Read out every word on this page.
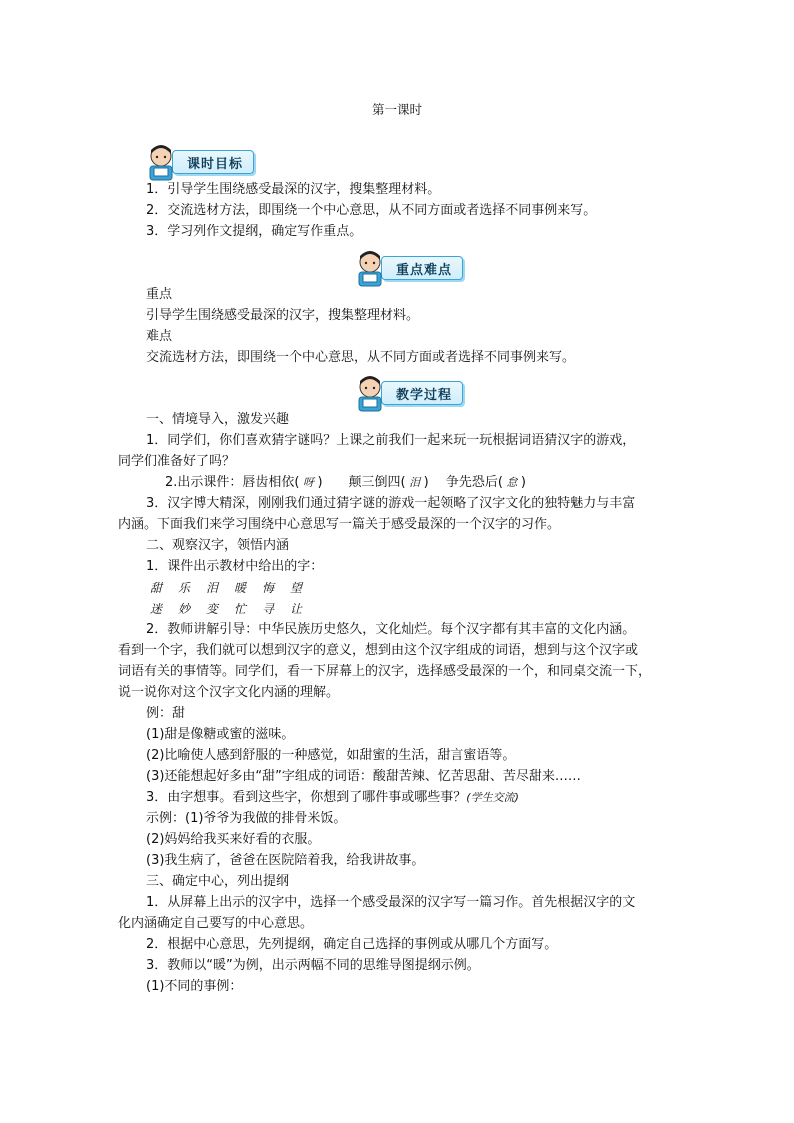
第一课时
课时目标
1．引导学生围绕感受最深的汉字，搜集整理材料。
2．交流选材方法，即围绕一个中心意思，从不同方面或者选择不同事例来写。
3．学习列作文提纲，确定写作重点。
重点难点
重点
引导学生围绕感受最深的汉字，搜集整理材料。
难点
交流选材方法，即围绕一个中心意思，从不同方面或者选择不同事例来写。
教学过程
一、情境导入，激发兴趣
1．同学们，你们喜欢猜字谜吗？上课之前我们一起来玩一玩根据词语猜汉字的游戏，
同学们准备好了吗？
2.出示课件：唇齿相依( 呀 )　　颠三倒四( 泪 )　 争先恐后( 怠 )
3．汉字博大精深，刚刚我们通过猜字谜的游戏一起领略了汉字文化的独特魅力与丰富
内涵。下面我们来学习围绕中心意思写一篇关于感受最深的一个汉字的习作。
二、观察汉字，领悟内涵
1．课件出示教材中给出的字：
甜 乐 泪 暖 悔 望
迷 妙 变 忙 寻 让
2．教师讲解引导：中华民族历史悠久，文化灿烂。每个汉字都有其丰富的文化内涵。
看到一个字，我们就可以想到汉字的意义，想到由这个汉字组成的词语，想到与这个汉字或
词语有关的事情等。同学们，看一下屏幕上的汉字，选择感受最深的一个，和同桌交流一下，
说一说你对这个汉字文化内涵的理解。
例：甜
(1)甜是像糖或蜜的滋味。
(2)比喻使人感到舒服的一种感觉，如甜蜜的生活，甜言蜜语等。
(3)还能想起好多由“甜”字组成的词语：酸甜苦辣、忆苦思甜、苦尽甜来……
3．由字想事。看到这些字，你想到了哪件事或哪些事？(学生交流)
示例：(1)爷爷为我做的排骨米饭。
(2)妈妈给我买来好看的衣服。
(3)我生病了，爸爸在医院陪着我，给我讲故事。
三、确定中心，列出提纲
1．从屏幕上出示的汉字中，选择一个感受最深的汉字写一篇习作。首先根据汉字的文
化内涵确定自己要写的中心意思。
2．根据中心意思，先列提纲，确定自己选择的事例或从哪几个方面写。
3．教师以“暖”为例，出示两幅不同的思维导图提纲示例。
(1)不同的事例：
